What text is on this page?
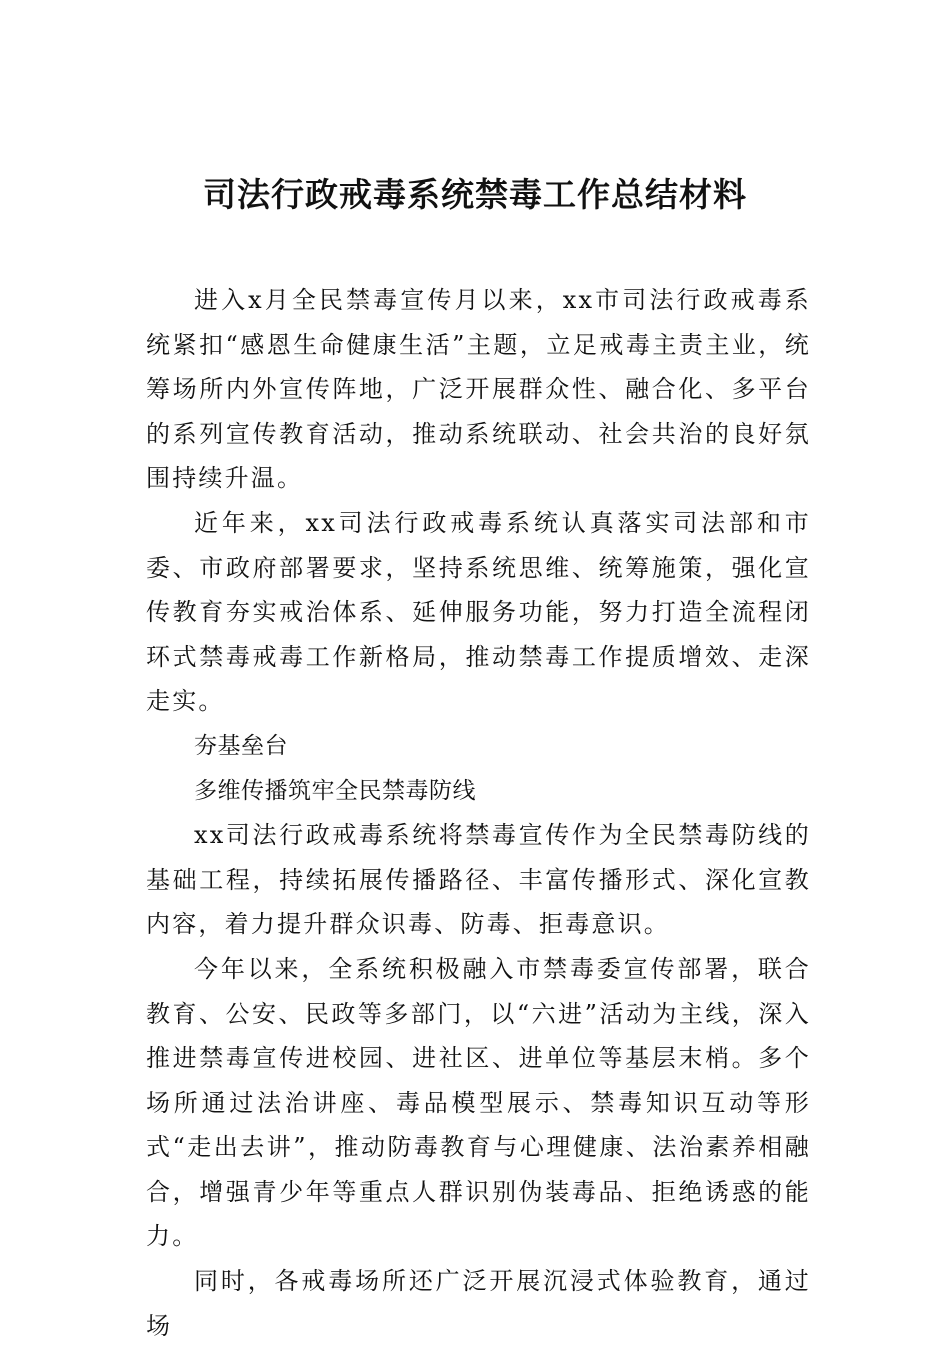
司法行政戒毒系统禁毒工作总结材料

进入x月全民禁毒宣传月以来，xx市司法行政戒毒系统紧扣“感恩生命健康生活”主题，立足戒毒主责主业，统筹场所内外宣传阵地，广泛开展群众性、融合化、多平台的系列宣传教育活动，推动系统联动、社会共治的良好氛围持续升温。

近年来，xx司法行政戒毒系统认真落实司法部和市委、市政府部署要求，坚持系统思维、统筹施策，强化宣传教育夯实戒治体系、延伸服务功能，努力打造全流程闭环式禁毒戒毒工作新格局，推动禁毒工作提质增效、走深走实。

夯基垒台

多维传播筑牢全民禁毒防线

xx司法行政戒毒系统将禁毒宣传作为全民禁毒防线的基础工程，持续拓展传播路径、丰富传播形式、深化宣教内容，着力提升群众识毒、防毒、拒毒意识。

今年以来，全系统积极融入市禁毒委宣传部署，联合教育、公安、民政等多部门，以“六进”活动为主线，深入推进禁毒宣传进校园、进社区、进单位等基层末梢。多个场所通过法治讲座、毒品模型展示、禁毒知识互动等形式“走出去讲”，推动防毒教育与心理健康、法治素养相融合，增强青少年等重点人群识别伪装毒品、拒绝诱惑的能力。

同时，各戒毒场所还广泛开展沉浸式体验教育，通过场
